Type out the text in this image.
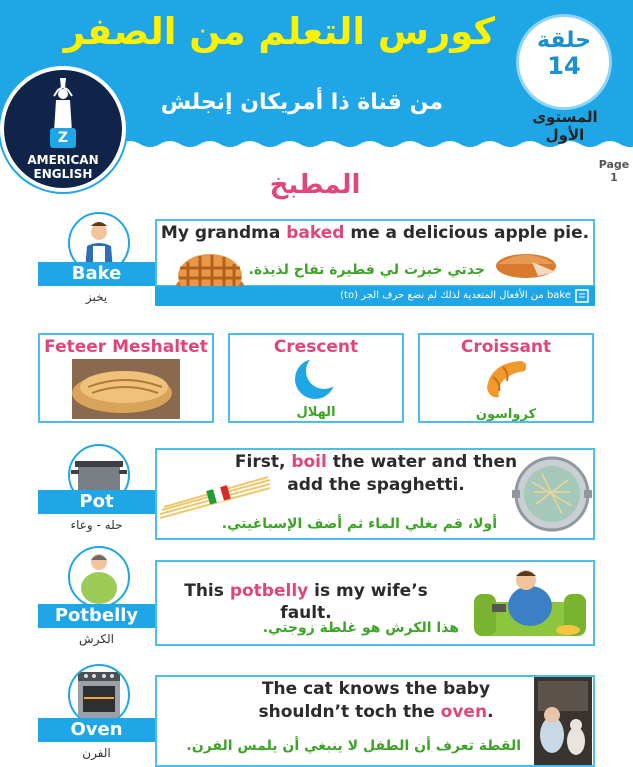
كورس التعلم من الصفر
من قناة ذا أمريكان إنجلش
حلقة
14
المستوى الأول
Z
AMERICAN
ENGLISH
Page
1
المطبخ
Bake
يخبز
My grandma baked me a delicious apple pie.
جدتي خبزت لي فطيرة تفاح لذيذة.
bake من الأفعال المتعدية لذلك لم نضع حرف الجر (to)
Feteer Meshaltet	Crescent
الهلال
Croissant
كرواسون
Pot
حله - وعاء
First, boil the water and then
add the spaghetti.
أولا، قم بغلي الماء ثم أضف الإسباغيتي.
Potbelly
الكرش
This potbelly is my wife’s fault.
هذا الكرش هو غلطة زوجتي.
Oven
الفرن
The cat knows the baby
shouldn’t toch the oven.
القطة تعرف أن الطفل لا ينبغي أن يلمس الفرن.
